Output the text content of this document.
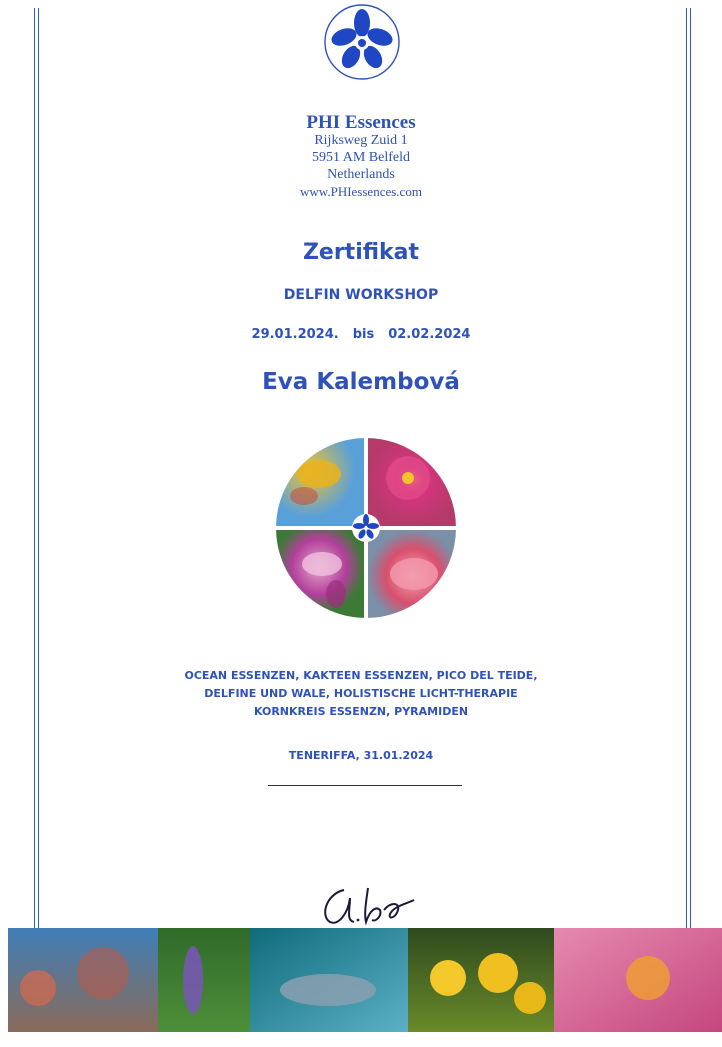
PHI Essences
Rijksweg Zuid 1
5951 AM Belfeld
Netherlands
www.PHIessences.com
Zertifikat
DELFIN WORKSHOP
29.01.2024. bis 02.02.2024
Eva Kalembová
OCEAN ESSENZEN, KAKTEEN ESSENZEN, PICO DEL TEIDE,
DELFINE UND WALE, HOLISTISCHE LICHT-THERAPIE
KORNKREIS ESSENZN, PYRAMIDEN
TENERIFFA, 31.01.2024
